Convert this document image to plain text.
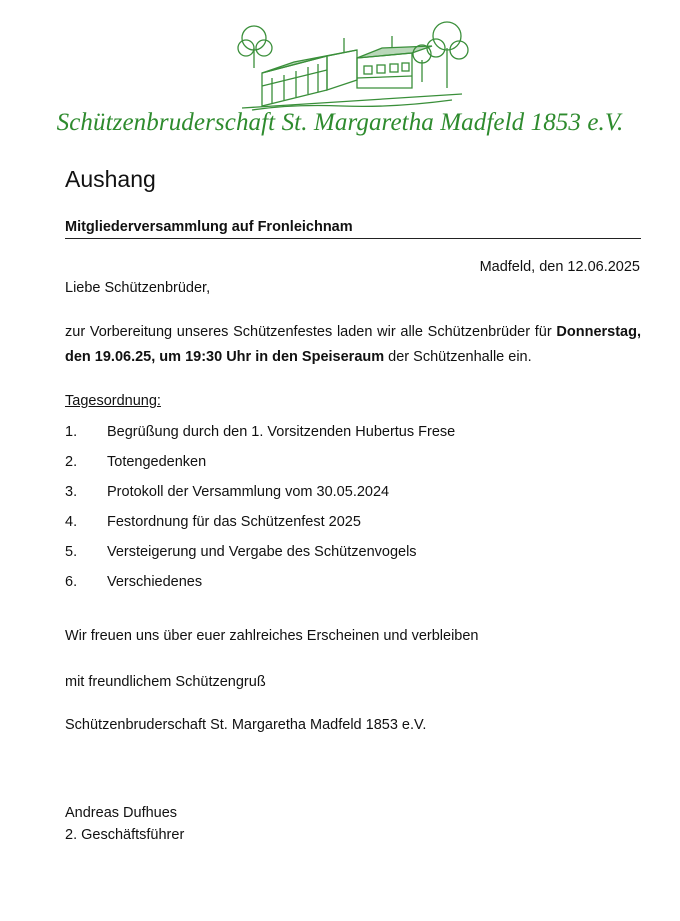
Schützenbruderschaft St. Margaretha Madfeld 1853 e.V.
Aushang
Mitgliederversammlung auf Fronleichnam
Madfeld, den 12.06.2025
Liebe Schützenbrüder,
zur Vorbereitung unseres Schützenfestes laden wir alle Schützenbrüder für Donnerstag, den 19.06.25, um 19:30 Uhr in den Speiseraum der Schützenhalle ein.
Tagesordnung:
1.	Begrüßung durch den 1. Vorsitzenden Hubertus Frese
2.	Totengedenken
3.	Protokoll der Versammlung vom 30.05.2024
4.	Festordnung für das Schützenfest 2025
5.	Versteigerung und Vergabe des Schützenvogels
6.	Verschiedenes
Wir freuen uns über euer zahlreiches Erscheinen und verbleiben
mit freundlichem Schützengruß
Schützenbruderschaft St. Margaretha Madfeld 1853 e.V.
Andreas Dufhues
2. Geschäftsführer
